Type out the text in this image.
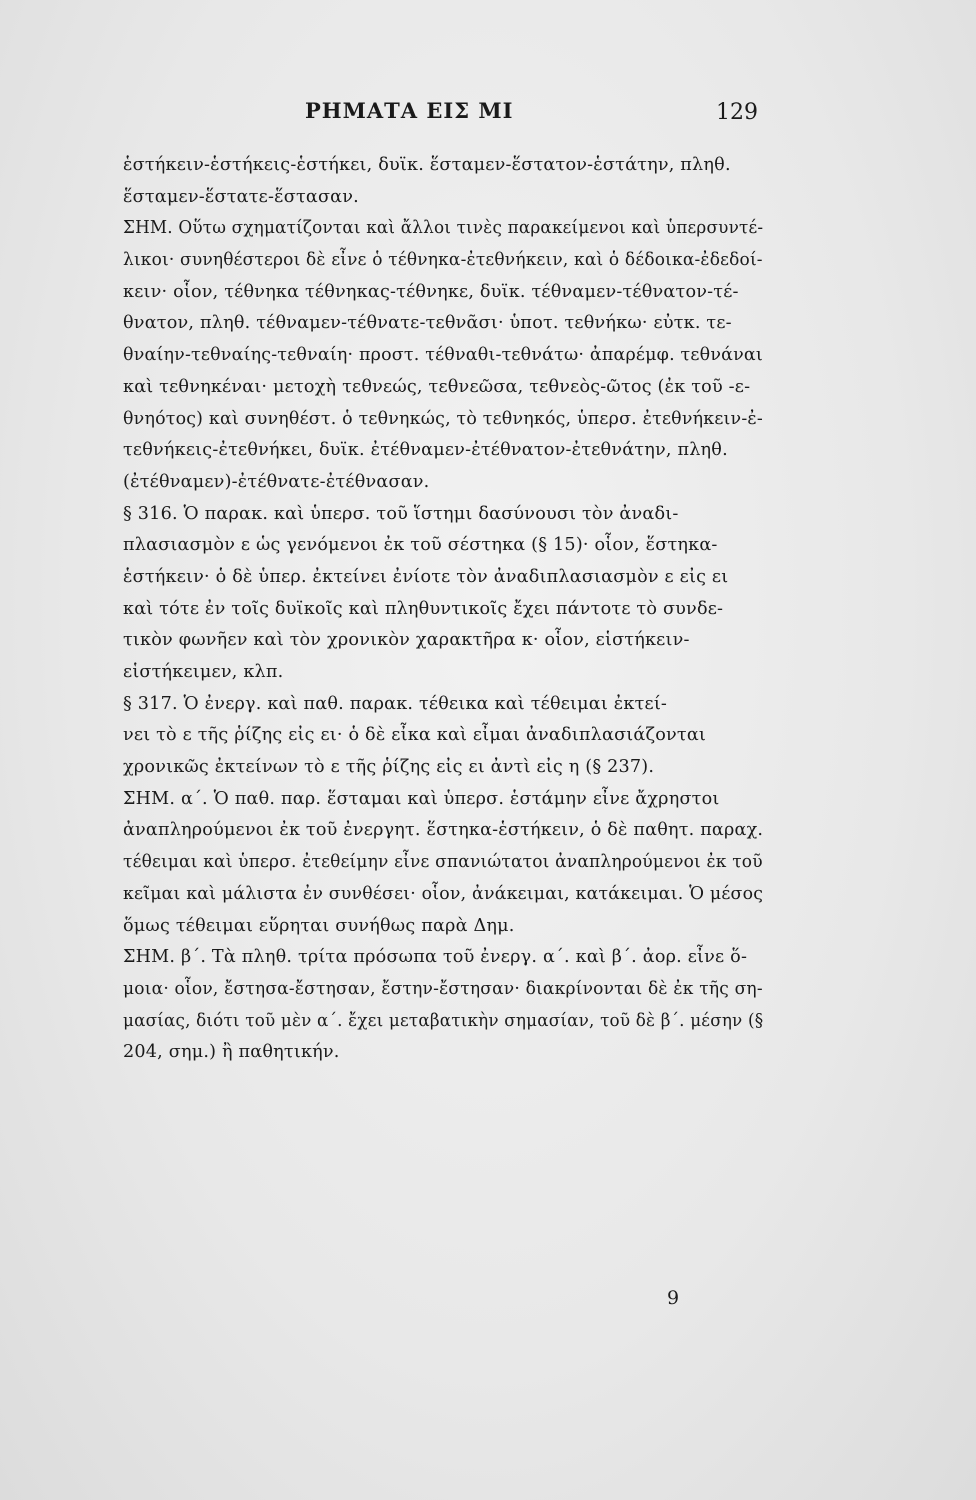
ΡΗΜΑΤΑ ΕΙΣ ΜΙ	129
ἑστήκειν-ἑστήκεις-ἑστήκει, δυϊκ. ἕσταμεν-ἕστατον-ἑστάτην, πληθ.
ἕσταμεν-ἕστατε-ἕστασαν.
ΣΗΜ. Οὕτω σχηματίζονται καὶ ἄλλοι τινὲς παρακείμενοι καὶ ὑπερσυντέ-
λικοι· συνηθέστεροι δὲ εἶνε ὁ τέθνηκα-ἐτεθνήκειν, καὶ ὁ δέδοικα-ἐδεδοί-
κειν· οἷον, τέθνηκα τέθνηκας-τέθνηκε, δυϊκ. τέθναμεν-τέθνατον-τέ-
θνατον, πληθ. τέθναμεν-τέθνατε-τεθνᾶσι· ὑποτ. τεθνήκω· εὐτκ. τε-
θναίην-τεθναίης-τεθναίη· προστ. τέθναθι-τεθνάτω· ἀπαρέμφ. τεθνάναι
καὶ τεθνηκέναι· μετοχὴ τεθνεώς, τεθνεῶσα, τεθνεὸς-ῶτος (ἐκ τοῦ -ε-
θνηότος) καὶ συνηθέστ. ὁ τεθνηκώς, τὸ τεθνηκός, ὑπερσ. ἐτεθνήκειν-ἐ-
τεθνήκεις-ἐτεθνήκει, δυϊκ. ἐτέθναμεν-ἐτέθνατον-ἐτεθνάτην, πληθ.
(ἐτέθναμεν)-ἐτέθνατε-ἐτέθνασαν.
§ 316. Ὁ παρακ. καὶ ὑπερσ. τοῦ ἵστημι δασύνουσι τὸν ἀναδι-
πλασιασμὸν ε ὡς γενόμενοι ἐκ τοῦ σέστηκα (§ 15)· οἷον, ἕστηκα-
ἑστήκειν· ὁ δὲ ὑπερ. ἐκτείνει ἐνίοτε τὸν ἀναδιπλασιασμὸν ε εἰς ει
καὶ τότε ἐν τοῖς δυϊκοῖς καὶ πληθυντικοῖς ἔχει πάντοτε τὸ συνδε-
τικὸν φωνῆεν καὶ τὸν χρονικὸν χαρακτῆρα κ· οἷον, εἱστήκειν-
εἱστήκειμεν, κλπ.
§ 317. Ὁ ἐνεργ. καὶ παθ. παρακ. τέθεικα καὶ τέθειμαι ἐκτεί-
νει τὸ ε τῆς ῥίζης εἰς ει· ὁ δὲ εἶκα καὶ εἶμαι ἀναδιπλασιάζονται
χρονικῶς ἐκτείνων τὸ ε τῆς ῥίζης εἰς ει ἀντὶ εἰς η (§ 237).
ΣΗΜ. α΄. Ὁ παθ. παρ. ἕσταμαι καὶ ὑπερσ. ἑστάμην εἶνε ἄχρηστοι
ἀναπληρούμενοι ἐκ τοῦ ἐνεργητ. ἕστηκα-ἑστήκειν, ὁ δὲ παθητ. παραχ.
τέθειμαι καὶ ὑπερσ. ἐτεθείμην εἶνε σπανιώτατοι ἀναπληρούμενοι ἐκ τοῦ
κεῖμαι καὶ μάλιστα ἐν συνθέσει· οἷον, ἀνάκειμαι, κατάκειμαι. Ὁ μέσος
ὅμως τέθειμαι εὕρηται συνήθως παρὰ Δημ.
ΣΗΜ. β΄. Τὰ πληθ. τρίτα πρόσωπα τοῦ ἐνεργ. α΄. καὶ β΄. ἀορ. εἶνε ὅ-
μοια· οἷον, ἔστησα-ἔστησαν, ἔστην-ἔστησαν· διακρίνονται δὲ ἐκ τῆς ση-
μασίας, διότι τοῦ μὲν α΄. ἔχει μεταβατικὴν σημασίαν, τοῦ δὲ β΄. μέσην (§
204, σημ.) ἢ παθητικήν.
9
